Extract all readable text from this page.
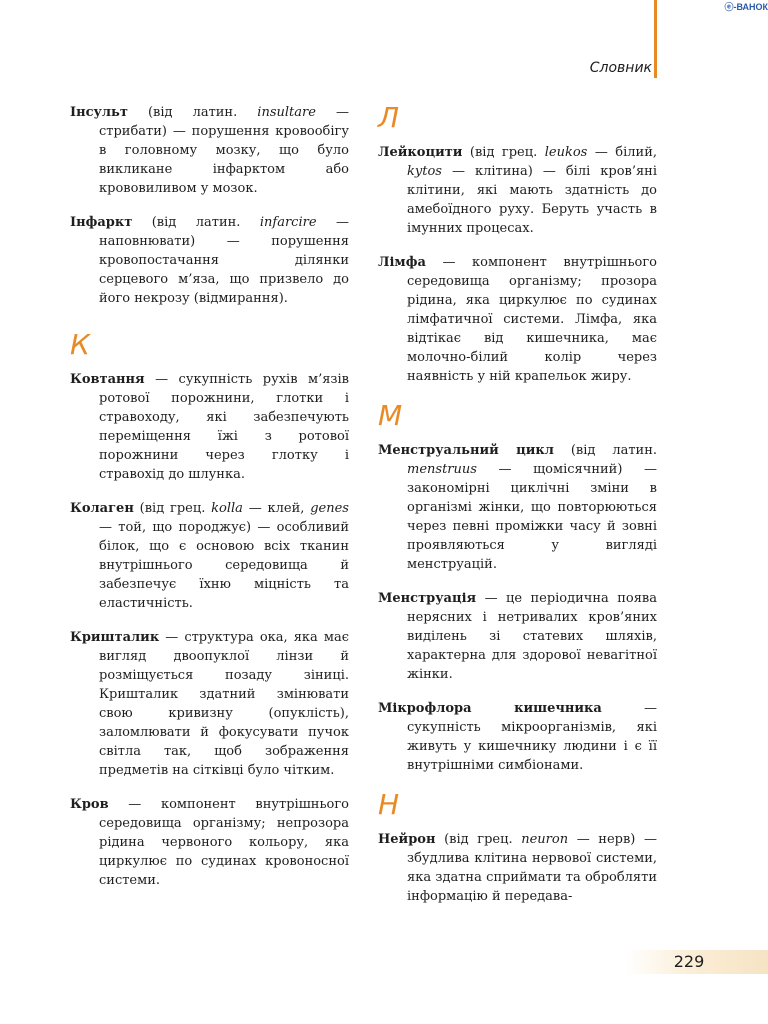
ⓔ-ВАНОК
Словник

Інсульт (від латин. insultare — стрибати) — порушення кровообігу в головному мозку, що було викликане інфарктом або крововиливом у мозок.

Інфаркт (від латин. infarcire — наповнювати) — порушення кровопостачання ділянки серцевого м’яза, що призвело до його некрозу (відмирання).

К

Ковтання — сукупність рухів м’язів ротової порожнини, глотки і стравоходу, які забезпечують переміщення їжі з ротової порожнини через глотку і стравохід до шлунка.

Колаген (від грец. kolla — клей, genes — той, що породжує) — особливий білок, що є основою всіх тканин внутрішнього середовища й забезпечує їхню міцність та еластичність.

Кришталик — структура ока, яка має вигляд двоопуклої лінзи й розміщується позаду зіниці. Кришталик здатний змінювати свою кривизну (опуклість), заломлювати й фокусувати пучок світла так, щоб зображення предметів на сітківці було чітким.

Кров — компонент внутрішнього середовища організму; непрозора рідина червоного кольору, яка циркулює по судинах кровоносної системи.

Л

Лейкоцити (від грец. leukos — білий, kytos — клітина) — білі кров’яні клітини, які мають здатність до амебоїдного руху. Беруть участь в імунних процесах.

Лімфа — компонент внутрішнього середовища організму; прозора рідина, яка циркулює по судинах лімфатичної системи. Лімфа, яка відтікає від кишечника, має молочно-білий колір через наявність у ній крапельок жиру.

М

Менструальний цикл (від латин. menstruus — щомісячний) — закономірні циклічні зміни в організмі жінки, що повторюються через певні проміжки часу й зовні проявляються у вигляді менструацій.

Менструація — це періодична поява нерясних і нетривалих кров’яних виділень зі статевих шляхів, характерна для здорової невагітної жінки.

Мікрофлора кишечника — сукупність мікроорганізмів, які живуть у кишечнику людини і є її внутрішніми симбіонами.

Н

Нейрон (від грец. neuron — нерв) — збудлива клітина нервової системи, яка здатна сприймати та обробляти інформацію й передава-

229
